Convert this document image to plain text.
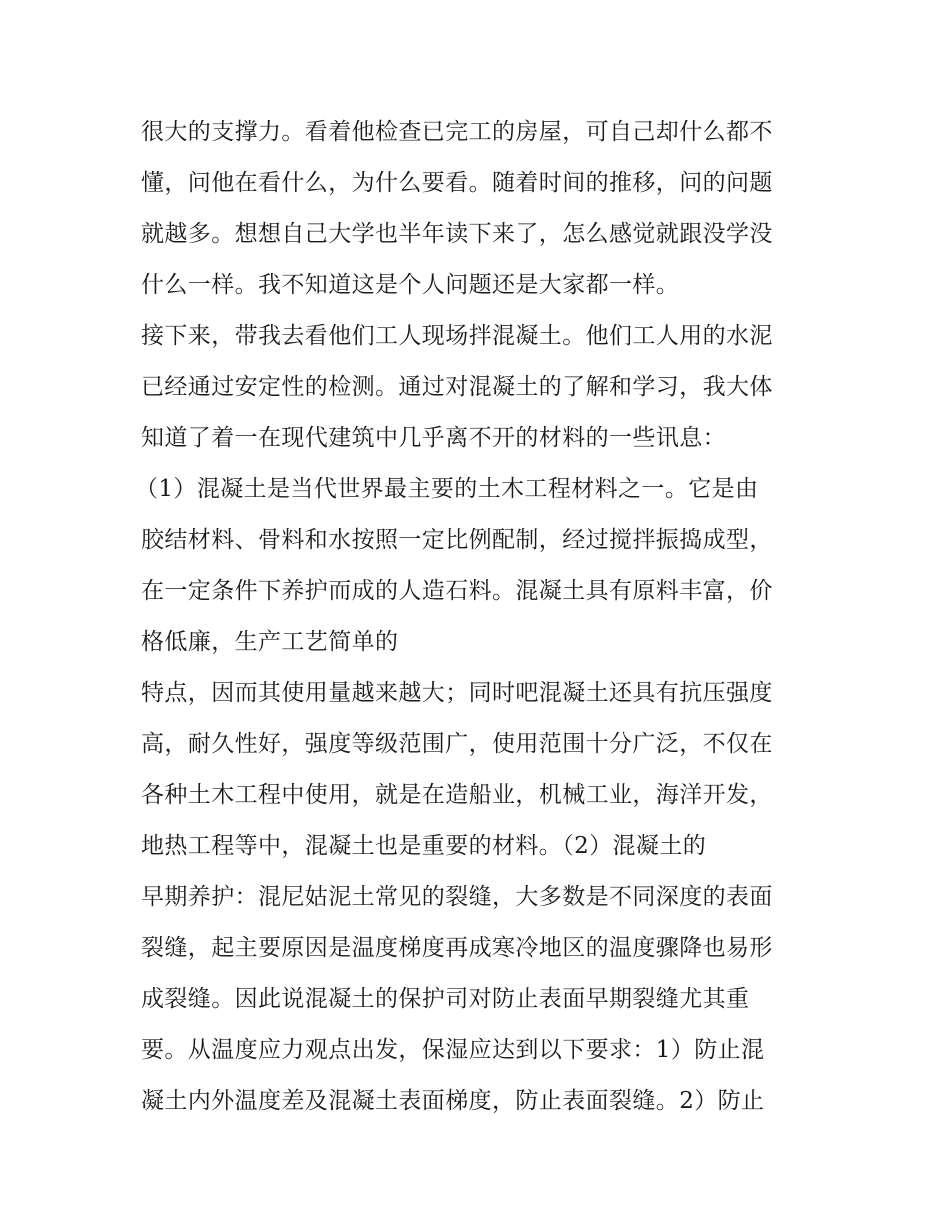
很大的支撑力。看着他检查已完工的房屋，可自己却什么都不
懂，问他在看什么，为什么要看。随着时间的推移，问的问题
就越多。想想自己大学也半年读下来了，怎么感觉就跟没学没
什么一样。我不知道这是个人问题还是大家都一样。
接下来，带我去看他们工人现场拌混凝土。他们工人用的水泥
已经通过安定性的检测。通过对混凝土的了解和学习，我大体
知道了着一在现代建筑中几乎离不开的材料的一些讯息：
（1）混凝土是当代世界最主要的土木工程材料之一。它是由
胶结材料、骨料和水按照一定比例配制，经过搅拌振捣成型，
在一定条件下养护而成的人造石料。混凝土具有原料丰富，价
格低廉，生产工艺简单的
特点，因而其使用量越来越大；同时吧混凝土还具有抗压强度
高，耐久性好，强度等级范围广，使用范围十分广泛，不仅在
各种土木工程中使用，就是在造船业，机械工业，海洋开发，
地热工程等中，混凝土也是重要的材料。（2）混凝土的
早期养护：混尼姑泥土常见的裂缝，大多数是不同深度的表面
裂缝，起主要原因是温度梯度再成寒冷地区的温度骤降也易形
成裂缝。因此说混凝土的保护司对防止表面早期裂缝尤其重
要。从温度应力观点出发，保湿应达到以下要求：1）防止混
凝土内外温度差及混凝土表面梯度，防止表面裂缝。2）防止
